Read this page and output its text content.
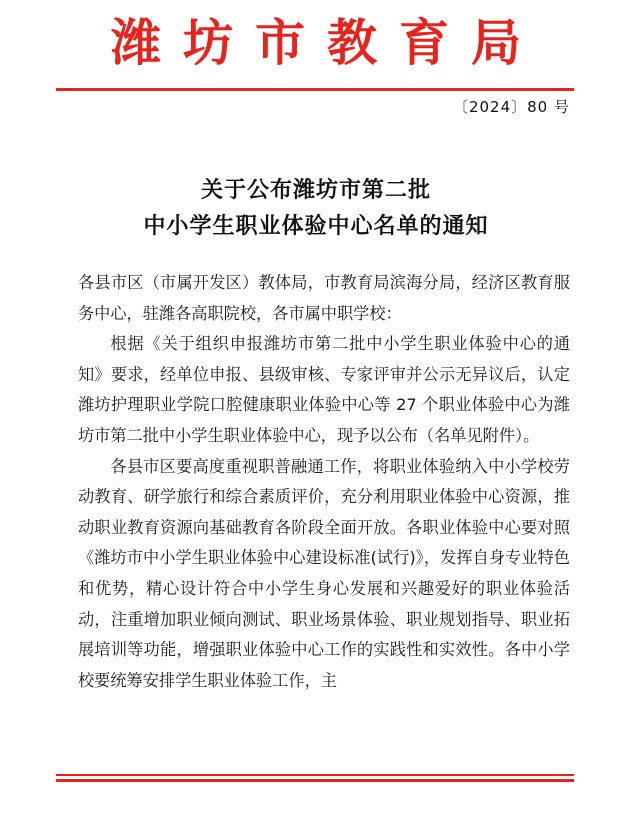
潍坊市教育局
〔2024〕80 号
关于公布潍坊市第二批
中小学生职业体验中心名单的通知

各县市区（市属开发区）教体局，市教育局滨海分局，经济区教育服务中心，驻潍各高职院校，各市属中职学校：

根据《关于组织申报潍坊市第二批中小学生职业体验中心的通知》要求，经单位申报、县级审核、专家评审并公示无异议后，认定潍坊护理职业学院口腔健康职业体验中心等 27 个职业体验中心为潍坊市第二批中小学生职业体验中心，现予以公布（名单见附件）。

各县市区要高度重视职普融通工作，将职业体验纳入中小学校劳动教育、研学旅行和综合素质评价，充分利用职业体验中心资源，推动职业教育资源向基础教育各阶段全面开放。各职业体验中心要对照《潍坊市中小学生职业体验中心建设标准(试行)》，发挥自身专业特色和优势，精心设计符合中小学生身心发展和兴趣爱好的职业体验活动，注重增加职业倾向测试、职业场景体验、职业规划指导、职业拓展培训等功能，增强职业体验中心工作的实践性和实效性。各中小学校要统筹安排学生职业体验工作，主
